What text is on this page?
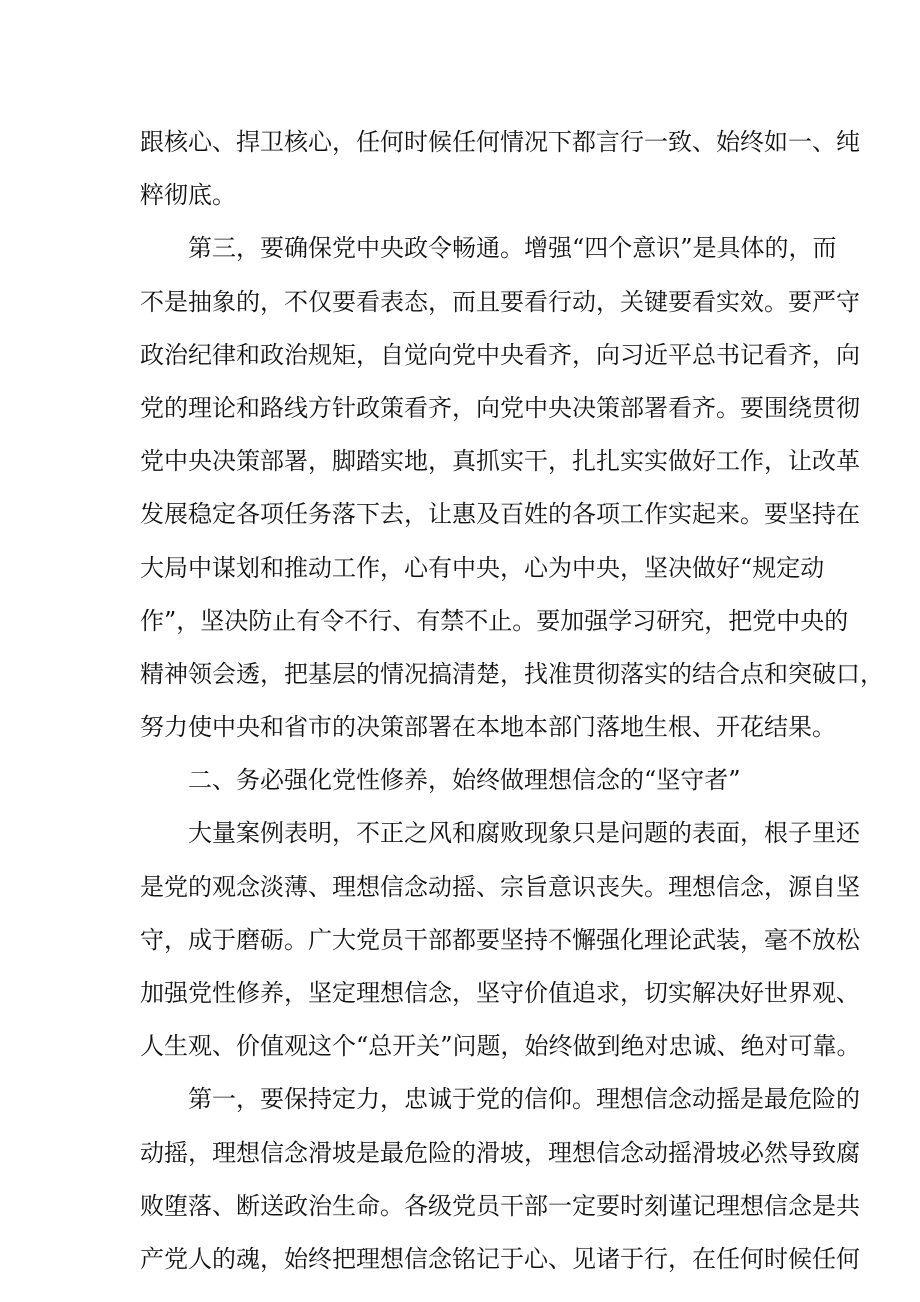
跟核心、捍卫核心，任何时候任何情况下都言行一致、始终如一、纯
粹彻底。
第三，要确保党中央政令畅通。增强“四个意识”是具体的，而
不是抽象的，不仅要看表态，而且要看行动，关键要看实效。要严守
政治纪律和政治规矩，自觉向党中央看齐，向习近平总书记看齐，向
党的理论和路线方针政策看齐，向党中央决策部署看齐。要围绕贯彻
党中央决策部署，脚踏实地，真抓实干，扎扎实实做好工作，让改革
发展稳定各项任务落下去，让惠及百姓的各项工作实起来。要坚持在
大局中谋划和推动工作，心有中央，心为中央，坚决做好“规定动
作”，坚决防止有令不行、有禁不止。要加强学习研究，把党中央的
精神领会透，把基层的情况搞清楚，找准贯彻落实的结合点和突破口，
努力使中央和省市的决策部署在本地本部门落地生根、开花结果。
二、务必强化党性修养，始终做理想信念的“坚守者”
大量案例表明，不正之风和腐败现象只是问题的表面，根子里还
是党的观念淡薄、理想信念动摇、宗旨意识丧失。理想信念，源自坚
守，成于磨砺。广大党员干部都要坚持不懈强化理论武装，毫不放松
加强党性修养，坚定理想信念，坚守价值追求，切实解决好世界观、
人生观、价值观这个“总开关”问题，始终做到绝对忠诚、绝对可靠。
第一，要保持定力，忠诚于党的信仰。理想信念动摇是最危险的
动摇，理想信念滑坡是最危险的滑坡，理想信念动摇滑坡必然导致腐
败堕落、断送政治生命。各级党员干部一定要时刻谨记理想信念是共
产党人的魂，始终把理想信念铭记于心、见诸于行，在任何时候任何
